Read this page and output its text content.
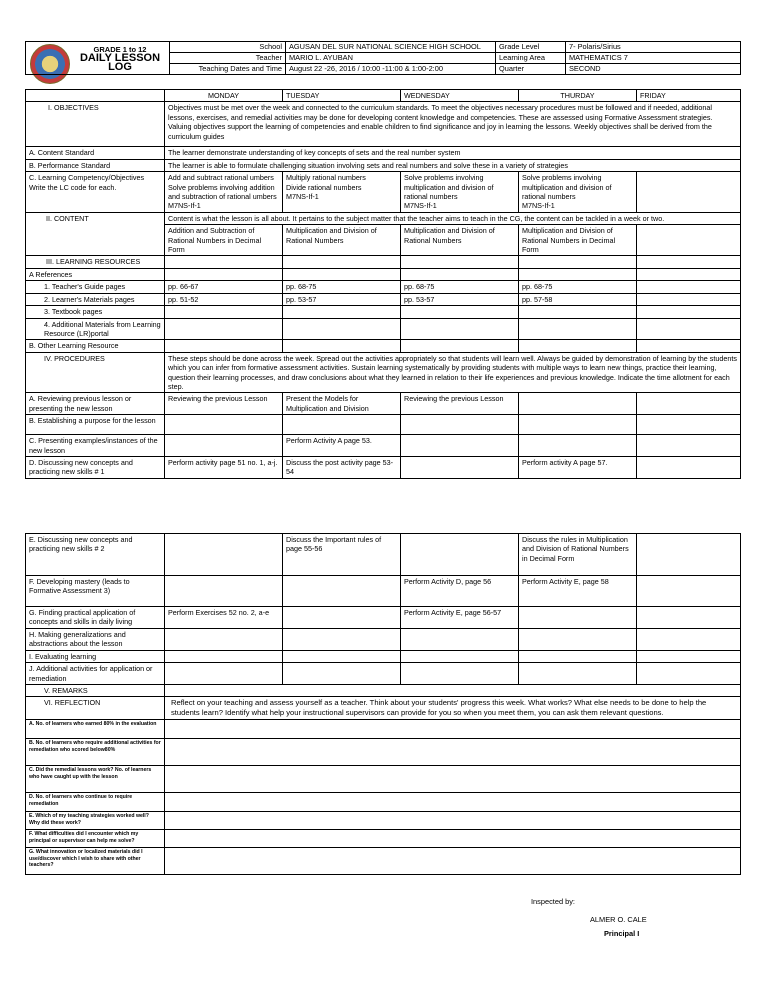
GRADE 1 to 12
DAILY LESSON LOG	School	AGUSAN DEL SUR NATIONAL SCIENCE HIGH SCHOOL	Grade Level	7- Polaris/Sirius
	Teacher	MARIO L. AYUBAN	Learning Area	MATHEMATICS 7
	Teaching Dates and Time	August 22 -26, 2016 / 10:00 -11:00 & 1:00-2:00	Quarter	SECOND
	MONDAY	TUESDAY	WEDNESDAY	THURDAY	FRIDAY
I. OBJECTIVES	Objectives must be met over the week and connected to the curriculum standards. To meet the objectives necessary procedures must be followed and if needed, additional lessons, exercises, and remedial activities may be done for developing content knowledge and competencies. These are assessed using Formative Assessment strategies. Valuing objectives support the learning of competencies and enable children to find significance and joy in learning the lessons. Weekly objectives shall be derived from the curriculum guides				
A. Content Standard	The learner demonstrate understanding of key concepts of sets and the real number system				
B. Performance Standard	The learner is able to formulate challenging situation involving sets and real numbers and solve these in a variety of strategies				
C. Learning Competency/Objectives Write the LC code for each.	Add and subtract rational umbers
Solve problems involving addition and subtraction of rational umbers
M7NS-If-1	Multiply rational numbers
Divide rational numbers
M7NS-If-1	Solve problems involving multiplication and division of rational numbers
M7NS-If-1	Solve problems involving multiplication and division of rational numbers
M7NS-If-1	
II. CONTENT	Content is what the lesson is all about. It pertains to the subject matter that the teacher aims to teach in the CG, the content can be tackled in a week or two.				
	Addition and Subtraction of Rational Numbers in Decimal Form	Multiplication and Division of Rational Numbers	Multiplication and Division of Rational Numbers	Multiplication and Division of Rational Numbers in Decimal Form	
III. LEARNING RESOURCES					
A References					
1. Teacher's Guide pages	pp. 66-67	pp. 68-75	pp. 68-75	pp. 68-75	
2. Learner's Materials pages	pp. 51-52	pp. 53-57	pp. 53-57	pp. 57-58	
3. Textbook pages					
4. Additional Materials from Learning Resource (LR)portal					
B. Other Learning Resource					
IV. PROCEDURES	These steps should be done across the week. Spread out the activities appropriately so that students will learn well. Always be guided by demonstration of learning by the students which you can infer from formative assessment activities. Sustain learning systematically by providing students with multiple ways to learn new things, practice their learning, question their learning processes, and draw conclusions about what they learned in relation to their life experiences and previous knowledge. Indicate the time allotment for each step.				
A. Reviewing previous lesson or presenting the new lesson	Reviewing the previous Lesson	Present the Models for Multiplication and Division	Reviewing the previous Lesson		
B. Establishing a purpose for the lesson					
C. Presenting examples/instances of the new lesson		Perform Activity A page 53.			
D. Discussing new concepts and practicing new skills # 1	Perform activity page 51 no. 1, a-j.	Discuss the post activity page 53-54		Perform activity A page 57.	
E. Discussing new concepts and practicing new skills # 2		Discuss the Important rules of page 55-56		Discuss the rules in Multiplication and Division of Rational Numbers in Decimal Form	
F. Developing mastery (leads to Formative Assessment 3)			Perform Activity D, page 56	Perform Activity E, page 58	
G. Finding practical application of concepts and skills in daily living	Perform Exercises 52 no. 2, a-e		Perform Activity E, page 56-57		
H. Making generalizations and abstractions about the lesson					
I. Evaluating learning					
J. Additional activities for application or remediation					
V. REMARKS					
VI. REFLECTION	Reflect on your teaching and assess yourself as a teacher. Think about your students' progress this week. What works? What else needs to be done to help the students learn? Identify what help your instructional supervisors can provide for you so when you meet them, you can ask them relevant questions.				
A. No. of learners who earned 80% in the evaluation					
B. No. of learners who require additional activities for remediation who scored below80%					
C. Did the remedial lessons work? No. of learners who have caught up with the lesson					
D. No. of learners who continue to require remediation					
E. Which of my teaching strategies worked well? Why did these work?					
F. What difficulties did I encounter which my principal or supervisor can help me solve?					
G. What innovation or localized materials did I use/discover which I wish to share with other teachers?					
Inspected by:
ALMER O. CALE
Principal I
